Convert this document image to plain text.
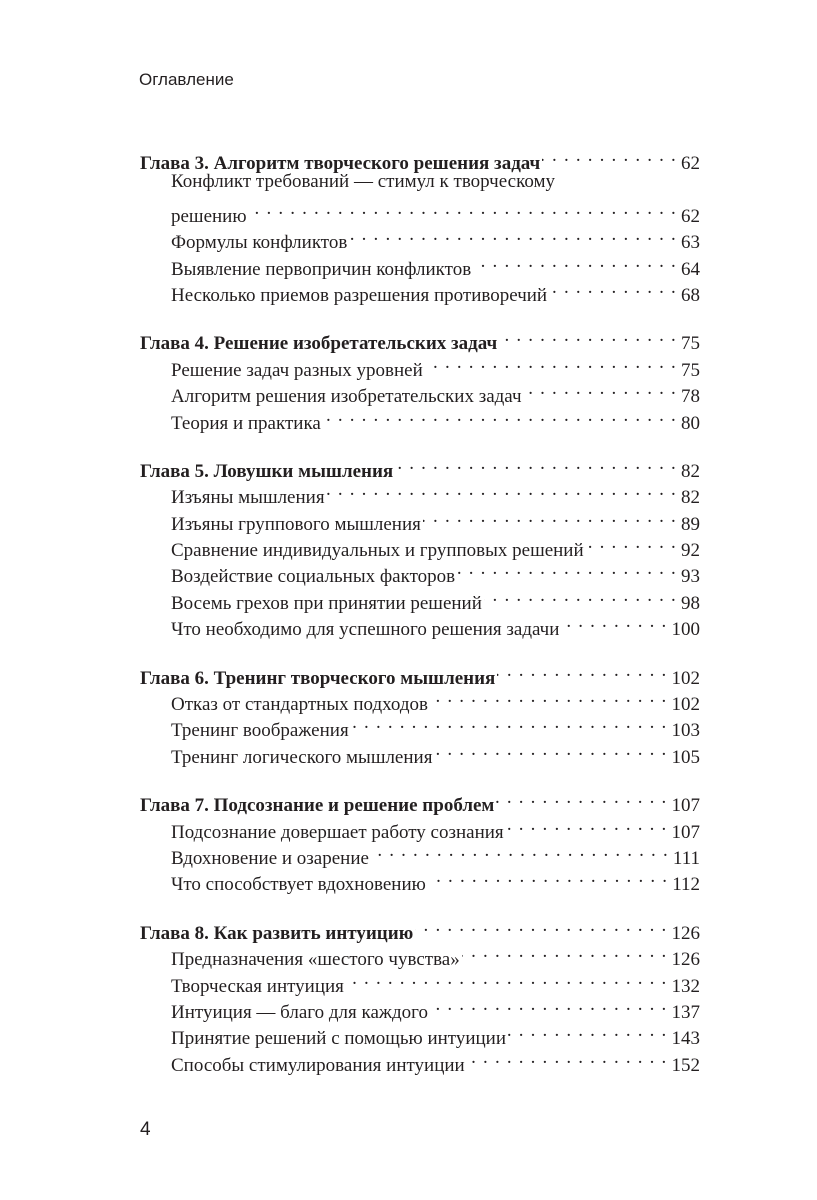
Оглавление
Глава 3. Алгоритм творческого решения задач . . .	62
Конфликт требований — стимул к творческому
решению . . .	62
Формулы конфликтов . . .	63
Выявление первопричин конфликтов . . .	64
Несколько приемов разрешения противоречий . . .	68
Глава 4. Решение изобретательских задач . . .	75
Решение задач разных уровней . . .	75
Алгоритм решения изобретательских задач . . .	78
Теория и практика . . .	80
Глава 5. Ловушки мышления . . .	82
Изъяны мышления . . .	82
Изъяны группового мышления . . .	89
Сравнение индивидуальных и групповых решений . . .	92
Воздействие социальных факторов . . .	93
Восемь грехов при принятии решений . . .	98
Что необходимо для успешного решения задачи . . .	100
Глава 6. Тренинг творческого мышления . . .	102
Отказ от стандартных подходов . . .	102
Тренинг воображения . . .	103
Тренинг логического мышления . . .	105
Глава 7. Подсознание и решение проблем . . .	107
Подсознание довершает работу сознания . . .	107
Вдохновение и озарение . . .	111
Что способствует вдохновению . . .	112
Глава 8. Как развить интуицию . . .	126
Предназначения «шестого чувства» . . .	126
Творческая интуиция . . .	132
Интуиция — благо для каждого . . .	137
Принятие решений с помощью интуиции . . .	143
Способы стимулирования интуиции . . .	152
4
